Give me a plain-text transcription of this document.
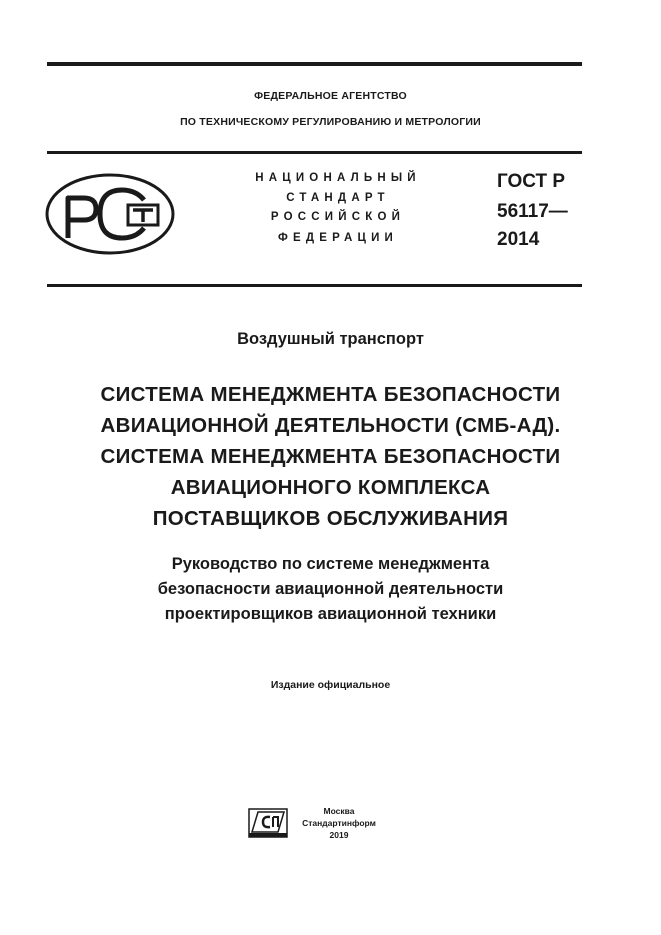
ФЕДЕРАЛЬНОЕ АГЕНТСТВО
ПО ТЕХНИЧЕСКОМУ РЕГУЛИРОВАНИЮ И МЕТРОЛОГИИ
НАЦИОНАЛЬНЫЙ
СТАНДАРТ
РОССИЙСКОЙ
ФЕДЕРАЦИИ
ГОСТ Р
56117—
2014
Воздушный транспорт
СИСТЕМА МЕНЕДЖМЕНТА БЕЗОПАСНОСТИ
АВИАЦИОННОЙ ДЕЯТЕЛЬНОСТИ (СМБ-АД).
СИСТЕМА МЕНЕДЖМЕНТА БЕЗОПАСНОСТИ
АВИАЦИОННОГО КОМПЛЕКСА
ПОСТАВЩИКОВ ОБСЛУЖИВАНИЯ
Руководство по системе менеджмента
безопасности авиационной деятельности
проектировщиков авиационной техники
Издание официальное
Москва
Стандартинформ
2019
